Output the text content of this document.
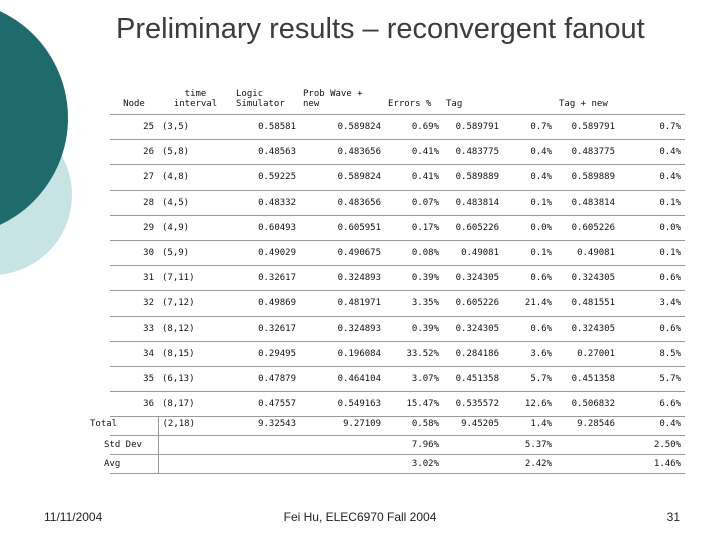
Preliminary results – reconvergent fanout
Node	time interval	Logic Simulator	Prob Wave + new	Errors %	Tag		Tag + new	
25	(3,5)	0.58581	0.589824	0.69%	0.589791	0.7%	0.589791	0.7%
26	(5,8)	0.48563	0.483656	0.41%	0.483775	0.4%	0.483775	0.4%
27	(4,8)	0.59225	0.589824	0.41%	0.589889	0.4%	0.589889	0.4%
28	(4,5)	0.48332	0.483656	0.07%	0.483814	0.1%	0.483814	0.1%
29	(4,9)	0.60493	0.605951	0.17%	0.605226	0.0%	0.605226	0.0%
30	(5,9)	0.49029	0.490675	0.08%	0.49081	0.1%	0.49081	0.1%
31	(7,11)	0.32617	0.324893	0.39%	0.324305	0.6%	0.324305	0.6%
32	(7,12)	0.49869	0.481971	3.35%	0.605226	21.4%	0.481551	3.4%
33	(8,12)	0.32617	0.324893	0.39%	0.324305	0.6%	0.324305	0.6%
34	(8,15)	0.29495	0.196084	33.52%	0.284186	3.6%	0.27001	8.5%
35	(6,13)	0.47879	0.464104	3.07%	0.451358	5.7%	0.451358	5.7%
36	(8,17)	0.47557	0.549163	15.47%	0.535572	12.6%	0.506832	6.6%
Total	(2,18)	9.32543	9.27109	0.58%	9.45205	1.4%	9.28546	0.4%
Std Dev				7.96%		5.37%		2.50%
Avg				3.02%		2.42%		1.46%
11/11/2004	Fei Hu, ELEC6970 Fall 2004	31
